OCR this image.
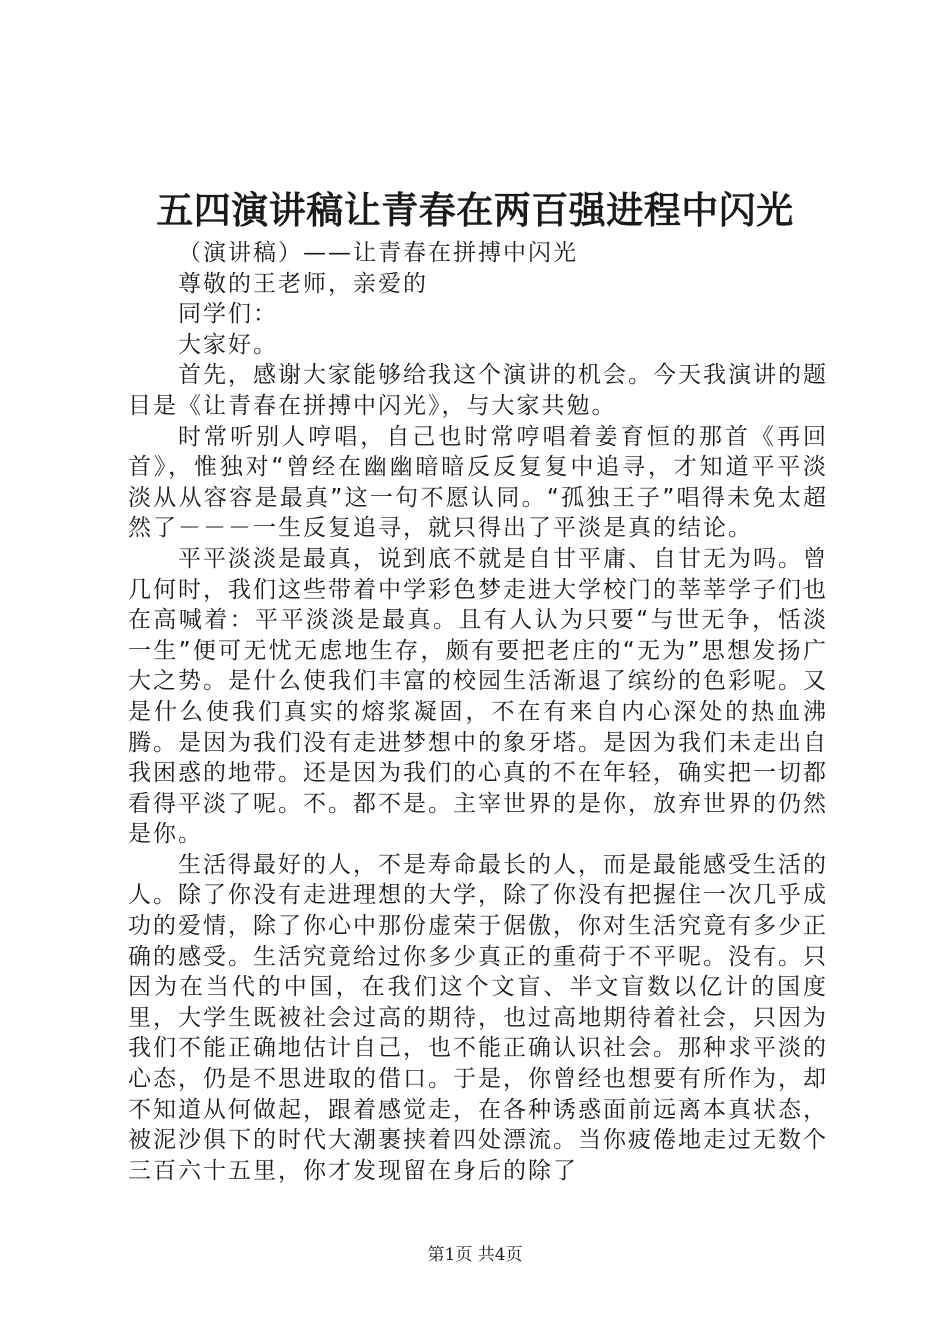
五四演讲稿让青春在两百强进程中闪光

（演讲稿）——让青春在拼搏中闪光

尊敬的王老师，亲爱的

同学们：

大家好。

首先，感谢大家能够给我这个演讲的机会。今天我演讲的题目是《让青春在拼搏中闪光》，与大家共勉。

时常听别人哼唱，自己也时常哼唱着姜育恒的那首《再回首》，惟独对“曾经在幽幽暗暗反反复复中追寻，才知道平平淡淡从从容容是最真”这一句不愿认同。“孤独王子”唱得未免太超然了－－－一生反复追寻，就只得出了平淡是真的结论。

平平淡淡是最真，说到底不就是自甘平庸、自甘无为吗。曾几何时，我们这些带着中学彩色梦走进大学校门的莘莘学子们也在高喊着：平平淡淡是最真。且有人认为只要“与世无争，恬淡一生”便可无忧无虑地生存，颇有要把老庄的“无为”思想发扬广大之势。是什么使我们丰富的校园生活渐退了缤纷的色彩呢。又是什么使我们真实的熔浆凝固，不在有来自内心深处的热血沸腾。是因为我们没有走进梦想中的象牙塔。是因为我们未走出自我困惑的地带。还是因为我们的心真的不在年轻，确实把一切都看得平淡了呢。不。都不是。主宰世界的是你，放弃世界的仍然是你。

生活得最好的人，不是寿命最长的人，而是最能感受生活的人。除了你没有走进理想的大学，除了你没有把握住一次几乎成功的爱情，除了你心中那份虚荣于倨傲，你对生活究竟有多少正确的感受。生活究竟给过你多少真正的重荷于不平呢。没有。只因为在当代的中国，在我们这个文盲、半文盲数以亿计的国度里，大学生既被社会过高的期待，也过高地期待着社会，只因为我们不能正确地估计自己，也不能正确认识社会。那种求平淡的心态，仍是不思进取的借口。于是，你曾经也想要有所作为，却不知道从何做起，跟着感觉走，在各种诱惑面前远离本真状态，被泥沙俱下的时代大潮裹挟着四处漂流。当你疲倦地走过无数个三百六十五里，你才发现留在身后的除了

第1页 共4页
